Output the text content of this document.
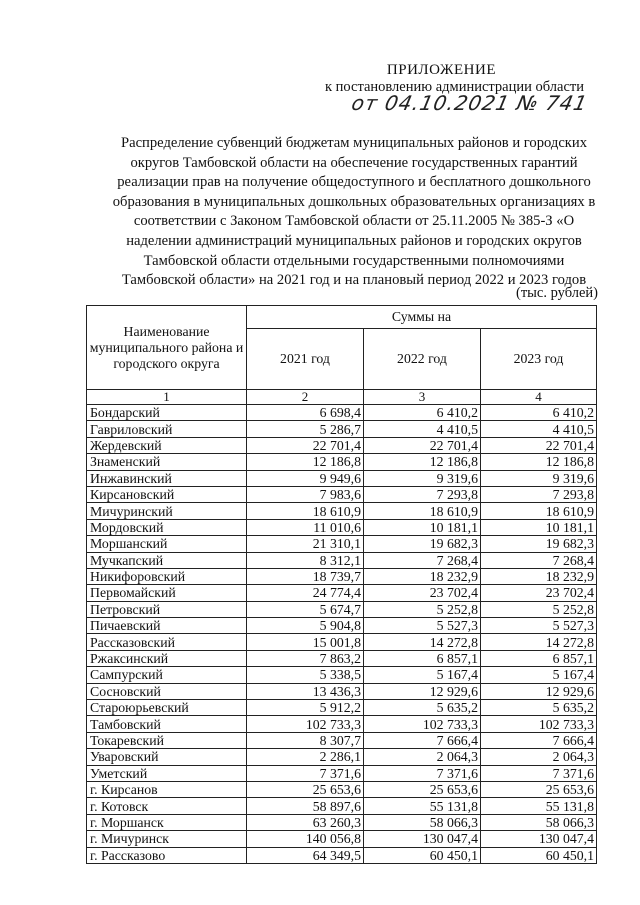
ПРИЛОЖЕНИЕ
к постановлению администрации области
от 04.10.2021 № 741
Распределение субвенций бюджетам муниципальных районов и городских
округов Тамбовской области на обеспечение государственных гарантий
реализации прав на получение общедоступного и бесплатного дошкольного
образования в муниципальных дошкольных образовательных организациях в
соответствии с Законом Тамбовской области от 25.11.2005 № 385-З «О
наделении администраций муниципальных районов и городских округов
Тамбовской области отдельными государственными полномочиями
Тамбовской области» на 2021 год и на плановый период 2022 и 2023 годов
(тыс. рублей)
Наименование муниципального района и городского округа	Суммы на		
	2021 год	2022 год	2023 год
1	2	3	4
Бондарский	6 698,4	6 410,2	6 410,2
Гавриловский	5 286,7	4 410,5	4 410,5
Жердевский	22 701,4	22 701,4	22 701,4
Знаменский	12 186,8	12 186,8	12 186,8
Инжавинский	9 949,6	9 319,6	9 319,6
Кирсановский	7 983,6	7 293,8	7 293,8
Мичуринский	18 610,9	18 610,9	18 610,9
Мордовский	11 010,6	10 181,1	10 181,1
Моршанский	21 310,1	19 682,3	19 682,3
Мучкапский	8 312,1	7 268,4	7 268,4
Никифоровский	18 739,7	18 232,9	18 232,9
Первомайский	24 774,4	23 702,4	23 702,4
Петровский	5 674,7	5 252,8	5 252,8
Пичаевский	5 904,8	5 527,3	5 527,3
Рассказовский	15 001,8	14 272,8	14 272,8
Ржаксинский	7 863,2	6 857,1	6 857,1
Сампурский	5 338,5	5 167,4	5 167,4
Сосновский	13 436,3	12 929,6	12 929,6
Староюрьевский	5 912,2	5 635,2	5 635,2
Тамбовский	102 733,3	102 733,3	102 733,3
Токаревский	8 307,7	7 666,4	7 666,4
Уваровский	2 286,1	2 064,3	2 064,3
Уметский	7 371,6	7 371,6	7 371,6
г. Кирсанов	25 653,6	25 653,6	25 653,6
г. Котовск	58 897,6	55 131,8	55 131,8
г. Моршанск	63 260,3	58 066,3	58 066,3
г. Мичуринск	140 056,8	130 047,4	130 047,4
г. Рассказово	64 349,5	60 450,1	60 450,1
